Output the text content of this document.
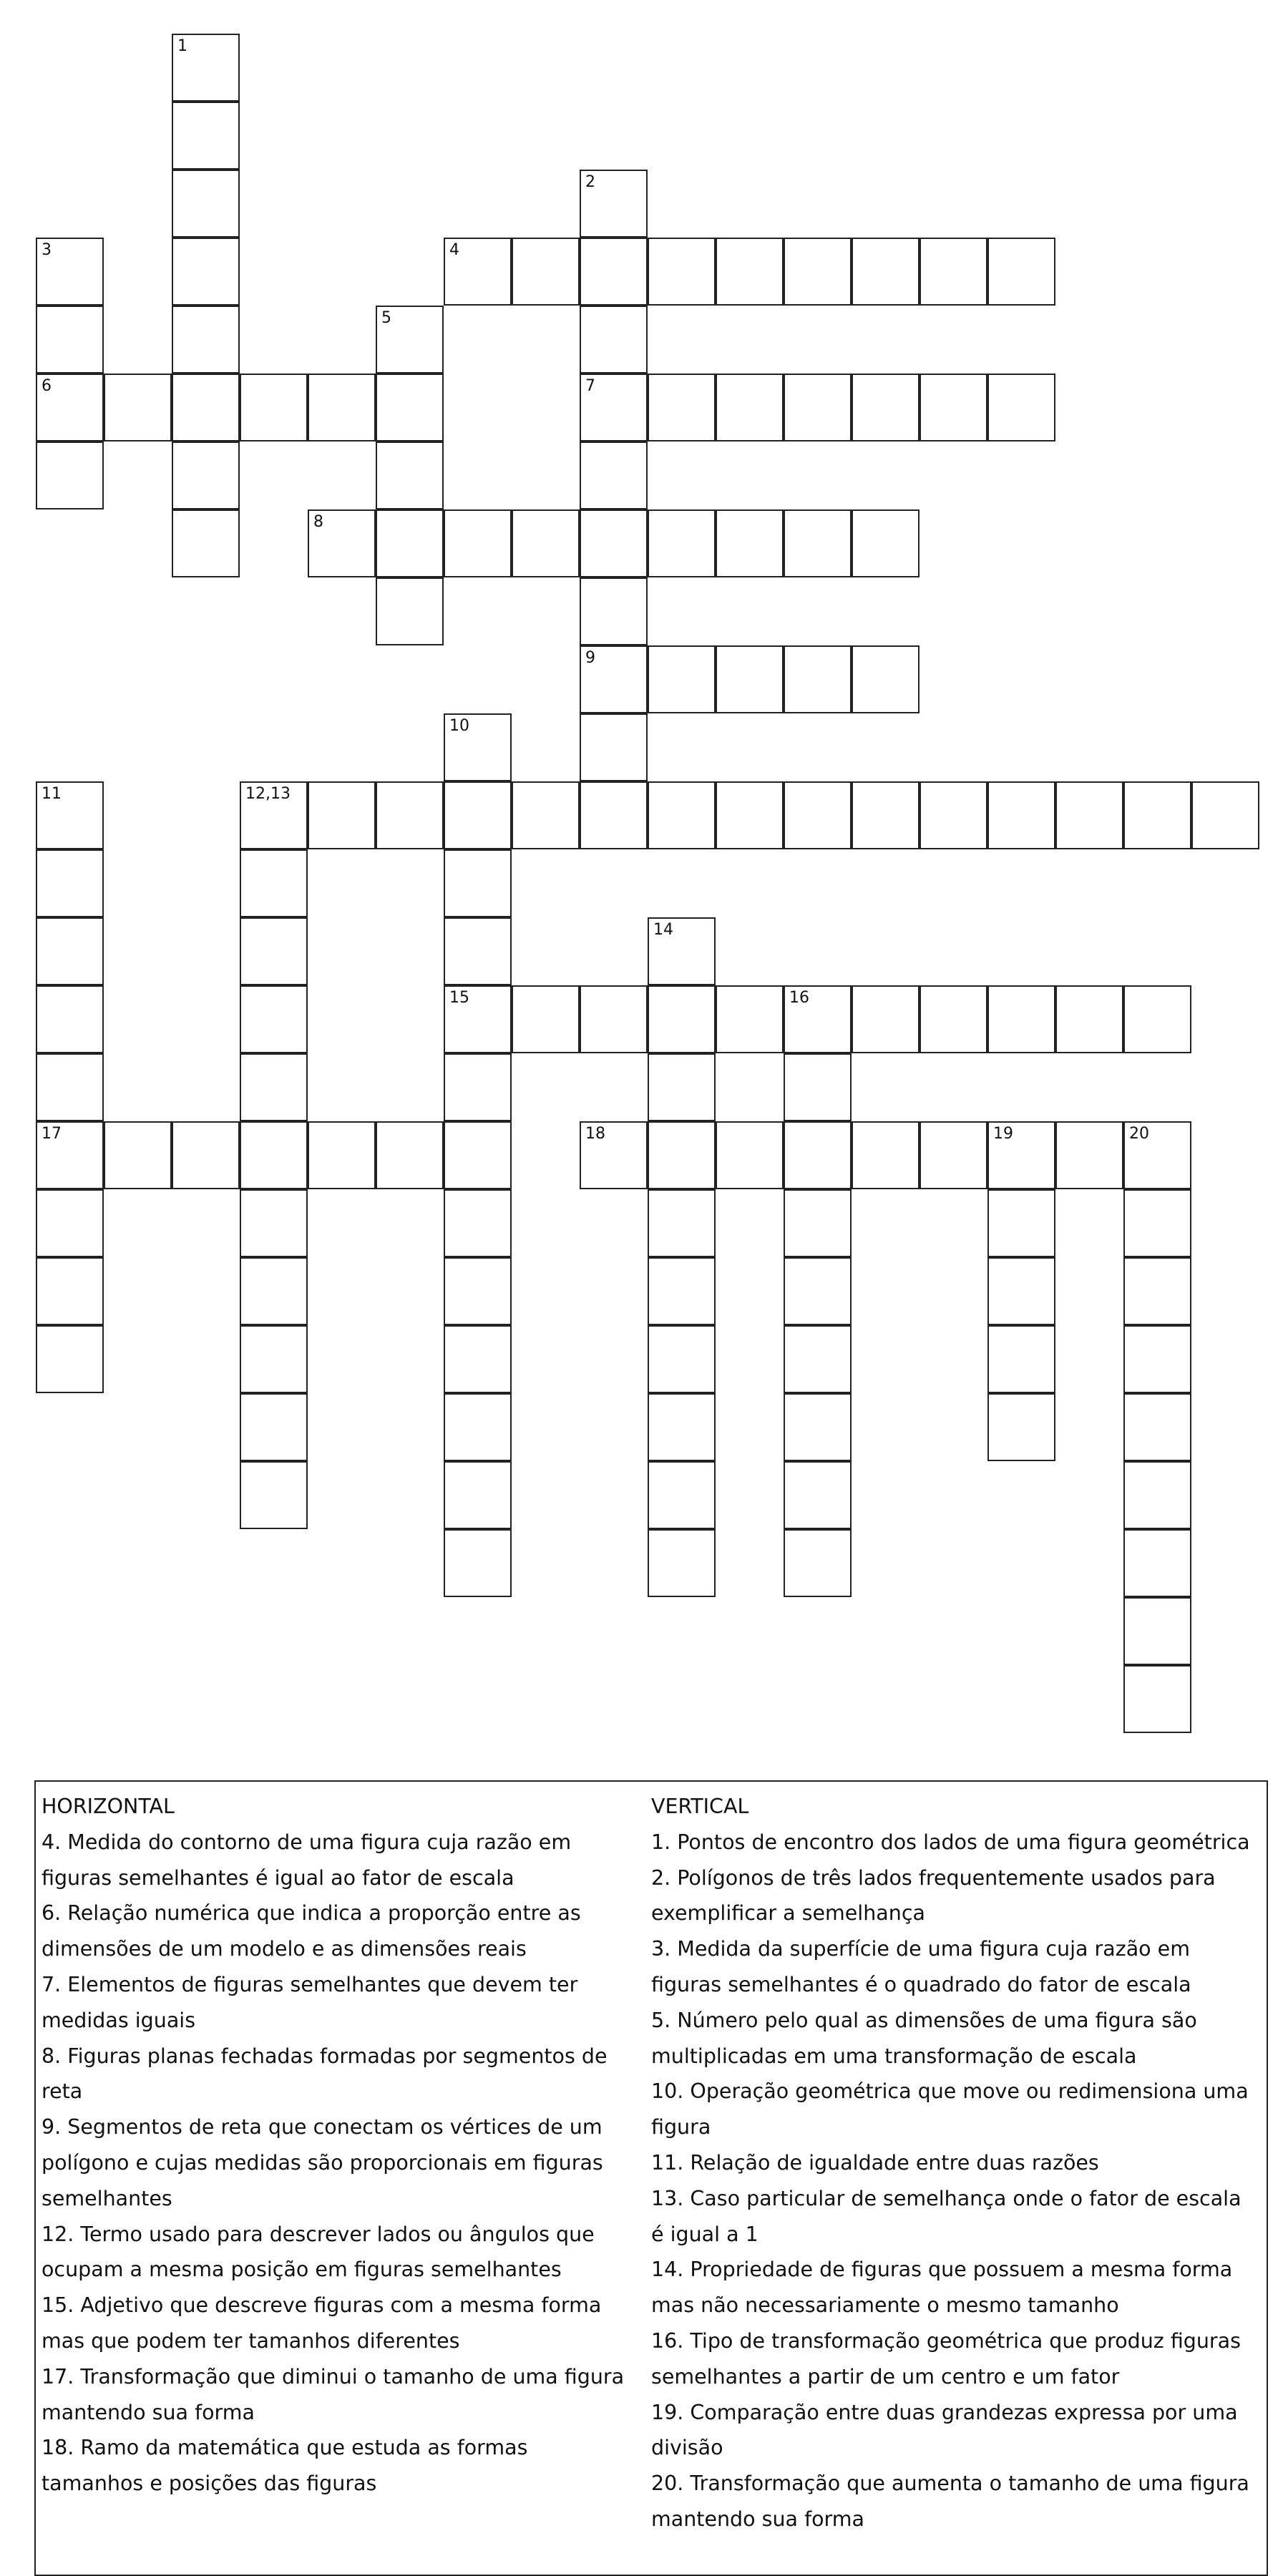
1
2
3	4
5
6	7
8
9
10
11	12,13
14
15	16
17	18	19	20
HORIZONTAL
4. Medida do contorno de uma figura cuja razão em figuras semelhantes é igual ao fator de escala
6. Relação numérica que indica a proporção entre as dimensões de um modelo e as dimensões reais
7. Elementos de figuras semelhantes que devem ter medidas iguais
8. Figuras planas fechadas formadas por segmentos de reta
9. Segmentos de reta que conectam os vértices de um polígono e cujas medidas são proporcionais em figuras semelhantes
12. Termo usado para descrever lados ou ângulos que ocupam a mesma posição em figuras semelhantes
15. Adjetivo que descreve figuras com a mesma forma mas que podem ter tamanhos diferentes
17. Transformação que diminui o tamanho de uma figura mantendo sua forma
18. Ramo da matemática que estuda as formas tamanhos e posições das figuras
VERTICAL
1. Pontos de encontro dos lados de uma figura geométrica
2. Polígonos de três lados frequentemente usados para exemplificar a semelhança
3. Medida da superfície de uma figura cuja razão em figuras semelhantes é o quadrado do fator de escala
5. Número pelo qual as dimensões de uma figura são multiplicadas em uma transformação de escala
10. Operação geométrica que move ou redimensiona uma figura
11. Relação de igualdade entre duas razões
13. Caso particular de semelhança onde o fator de escala é igual a 1
14. Propriedade de figuras que possuem a mesma forma mas não necessariamente o mesmo tamanho
16. Tipo de transformação geométrica que produz figuras semelhantes a partir de um centro e um fator
19. Comparação entre duas grandezas expressa por uma divisão
20. Transformação que aumenta o tamanho de uma figura mantendo sua forma
